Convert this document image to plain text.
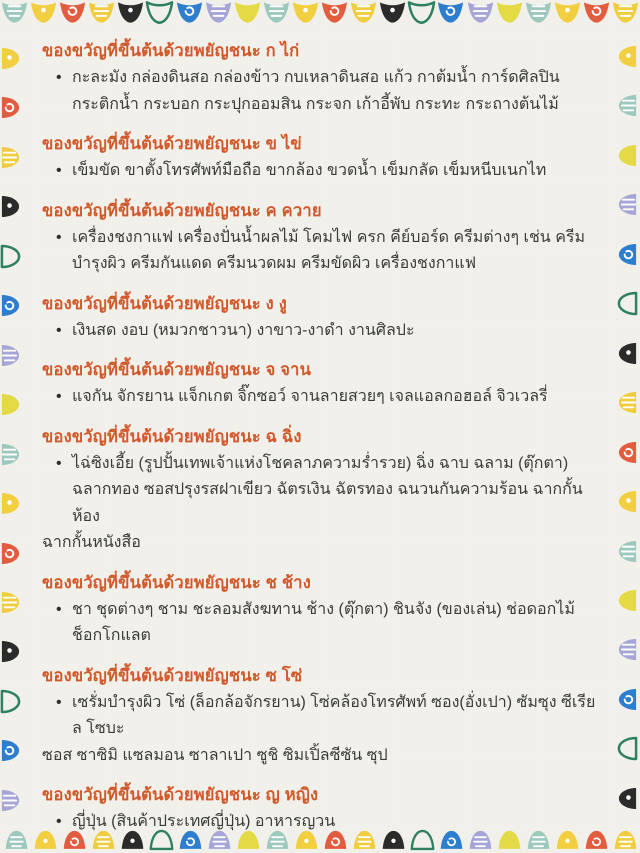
ของขวัญที่ขึ้นต้นด้วยพยัญชนะ ก ไก่
• กะละมัง กล่องดินสอ กล่องข้าว กบเหลาดินสอ แก้ว กาต้มน้ำ การ์ดศิลปิน กระติกน้ำ กระบอก กระปุกออมสิน กระจก เก้าอี้พับ กระทะ กระถางต้นไม้
ของขวัญที่ขึ้นต้นด้วยพยัญชนะ ข ไข่
• เข็มขัด ขาตั้งโทรศัพท์มือถือ ขากล้อง ขวดน้ำ เข็มกลัด เข็มหนีบเนกไท
ของขวัญที่ขึ้นต้นด้วยพยัญชนะ ค ควาย
• เครื่องชงกาแฟ เครื่องปั่นน้ำผลไม้ โคมไฟ ครก คีย์บอร์ด ครีมต่างๆ เช่น ครีมบำรุงผิว ครีมกันแดด ครีมนวดผม ครีมขัดผิว เครื่องชงกาแฟ
ของขวัญที่ขึ้นต้นด้วยพยัญชนะ ง งู
• เงินสด งอบ (หมวกชาวนา) งาขาว-งาดำ งานศิลปะ
ของขวัญที่ขึ้นต้นด้วยพยัญชนะ จ จาน
• แจกัน จักรยาน แจ็กเกต จิ๊กซอว์ จานลายสวยๆ เจลแอลกอฮอล์ จิวเวลรี่
ของขวัญที่ขึ้นต้นด้วยพยัญชนะ ฉ ฉิ่ง
• ไฉ่ซิงเอี้ย (รูปปั้นเทพเจ้าแห่งโชคลาภความร่ำรวย) ฉิ่ง ฉาบ ฉลาม (ตุ๊กตา) ฉลากทอง ซอสปรุงรสฝาเขียว ฉัตรเงิน ฉัตรทอง ฉนวนกันความร้อน ฉากกั้นห้อง
ฉากกั้นหนังสือ
ของขวัญที่ขึ้นต้นด้วยพยัญชนะ ช ช้าง
• ชา ชุดต่างๆ ชาม ชะลอมสังฆทาน ช้าง (ตุ๊กตา) ชินจัง (ของเล่น) ช่อดอกไม้ ช็อกโกแลต
ของขวัญที่ขึ้นต้นด้วยพยัญชนะ ซ โซ่
• เซรั่มบำรุงผิว โซ่ (ล็อกล้อจักรยาน) โซ่คล้องโทรศัพท์ ซอง(อั่งเปา) ซัมซุง ซีเรียล โซบะ
ซอส ซาซิมิ แซลมอน ซาลาเปา ซูชิ ซิมเปิ้ลซีซัน ซุป
ของขวัญที่ขึ้นต้นด้วยพยัญชนะ ญ หญิง
• ญี่ปุ่น (สินค้าประเทศญี่ปุ่น) อาหารญวน
